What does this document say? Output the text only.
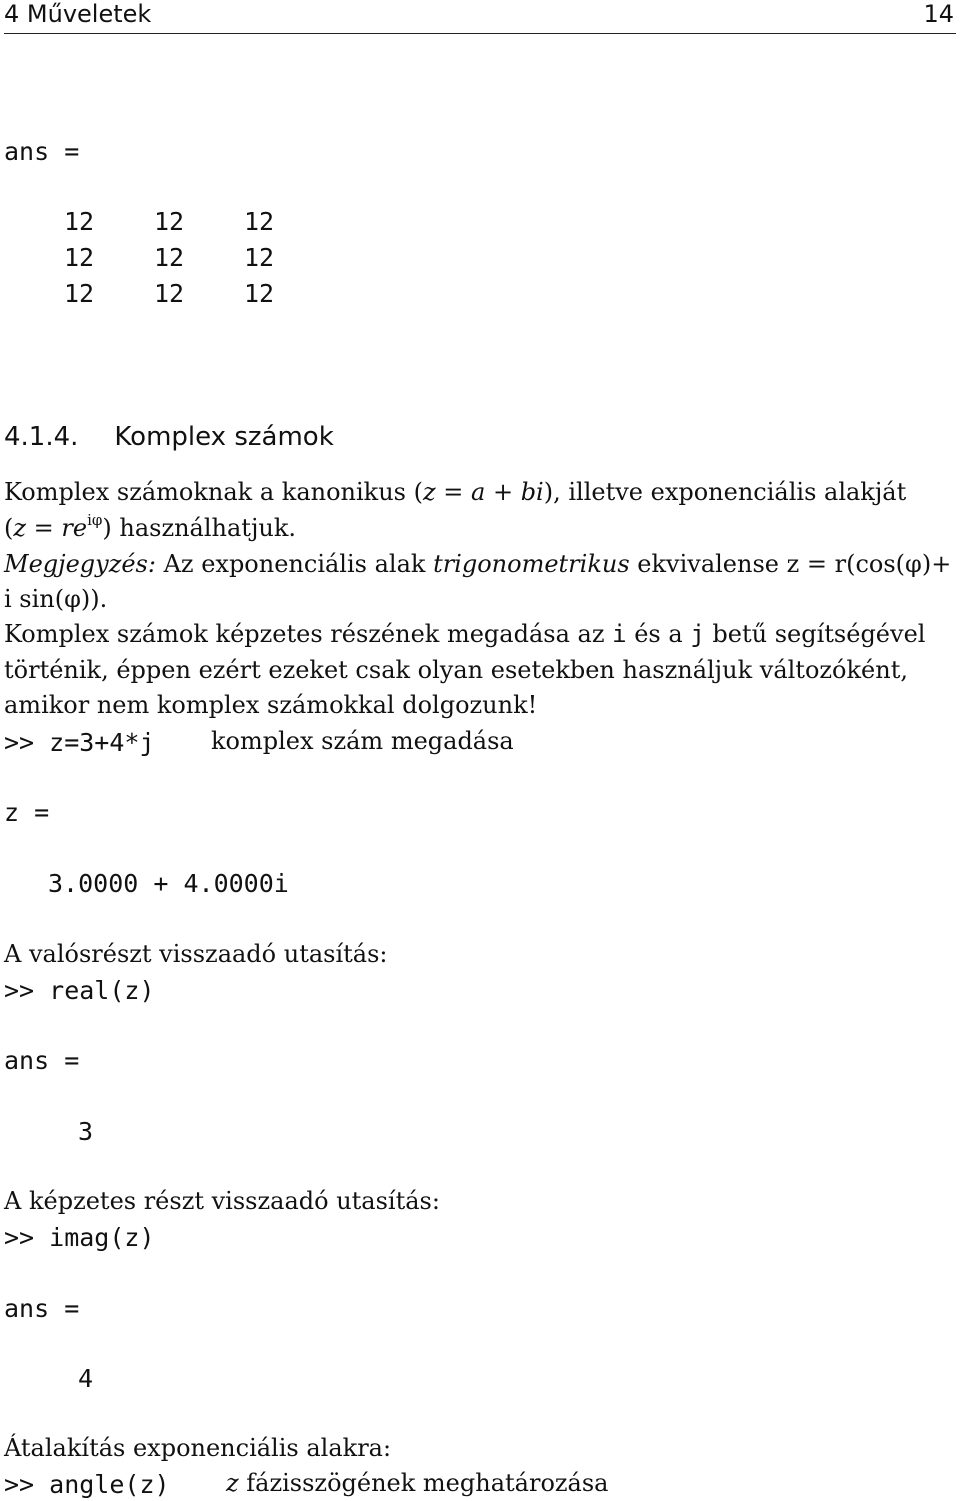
4 Műveletek	14
ans =
12 12 12
12 12 12
12 12 12
4.1.4. Komplex számok
Komplex számoknak a kanonikus (z = a + bi), illetve exponenciális alakját
$(z = re^{i\varphi})$ használhatjuk.
Megjegyzés: Az exponenciális alak trigonometrikus ekvivalense z = r(cos(φ)+
i sin(φ)).
Komplex számok képzetes részének megadása az i és a j betű segítségével
történik, éppen ezért ezeket csak olyan esetekben használjuk változóként,
amikor nem komplex számokkal dolgozunk!
>> z=3+4*j komplex szám megadása
z =
3.0000 + 4.0000i
A valósrészt visszaadó utasítás:
>> real(z)
ans =
3
A képzetes részt visszaadó utasítás:
>> imag(z)
ans =
4
Átalakítás exponenciális alakra:
>> angle(z) z fázisszögének meghatározása
